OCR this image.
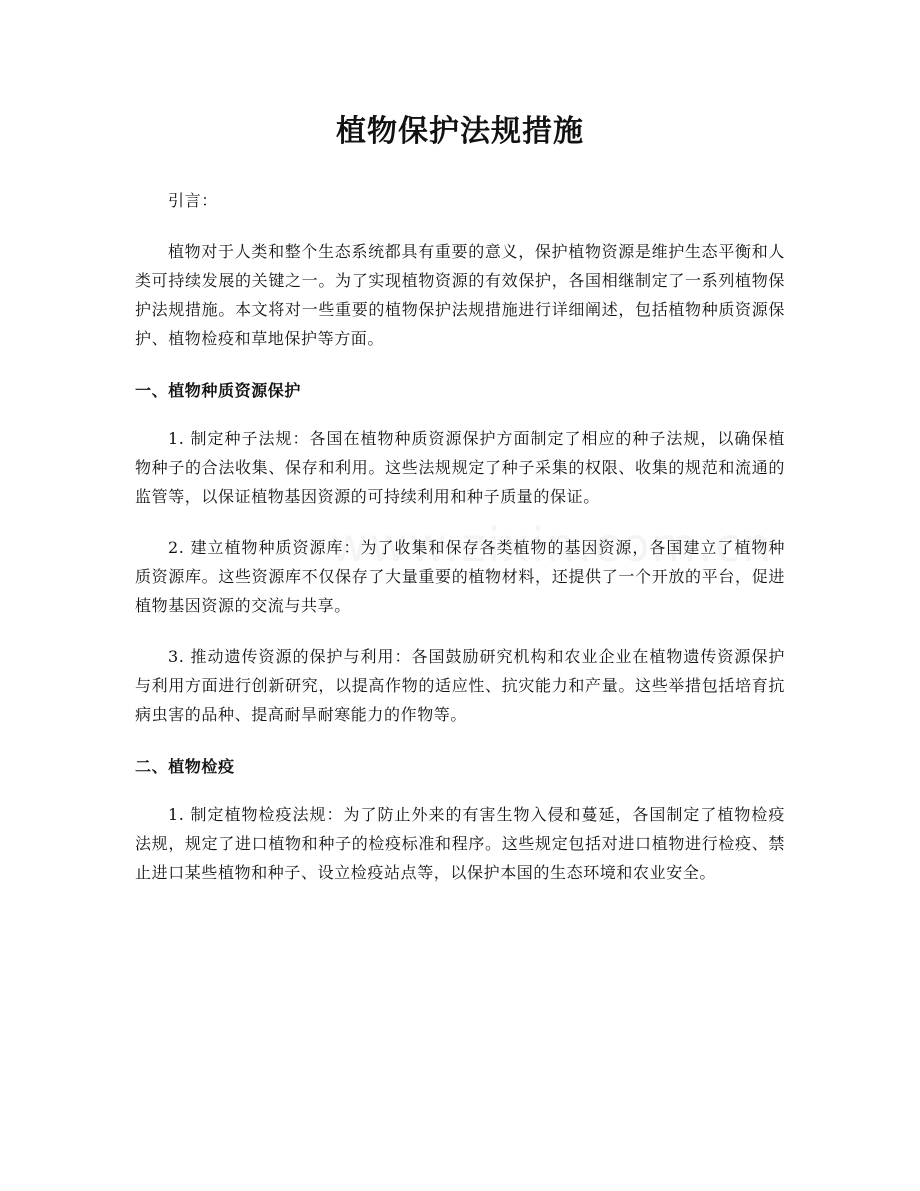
植物保护法规措施

引言：

植物对于人类和整个生态系统都具有重要的意义，保护植物资源是维护生态平衡和人类可持续发展的关键之一。为了实现植物资源的有效保护，各国相继制定了一系列植物保护法规措施。本文将对一些重要的植物保护法规措施进行详细阐述，包括植物种质资源保护、植物检疫和草地保护等方面。

一、植物种质资源保护

1. 制定种子法规：各国在植物种质资源保护方面制定了相应的种子法规，以确保植物种子的合法收集、保存和利用。这些法规规定了种子采集的权限、收集的规范和流通的监管等，以保证植物基因资源的可持续利用和种子质量的保证。

2. 建立植物种质资源库：为了收集和保存各类植物的基因资源，各国建立了植物种质资源库。这些资源库不仅保存了大量重要的植物材料，还提供了一个开放的平台，促进植物基因资源的交流与共享。

3. 推动遗传资源的保护与利用：各国鼓励研究机构和农业企业在植物遗传资源保护与利用方面进行创新研究，以提高作物的适应性、抗灾能力和产量。这些举措包括培育抗病虫害的品种、提高耐旱耐寒能力的作物等。

二、植物检疫

1. 制定植物检疫法规：为了防止外来的有害生物入侵和蔓延，各国制定了植物检疫法规，规定了进口植物和种子的检疫标准和程序。这些规定包括对进口植物进行检疫、禁止进口某些植物和种子、设立检疫站点等，以保护本国的生态环境和农业安全。
